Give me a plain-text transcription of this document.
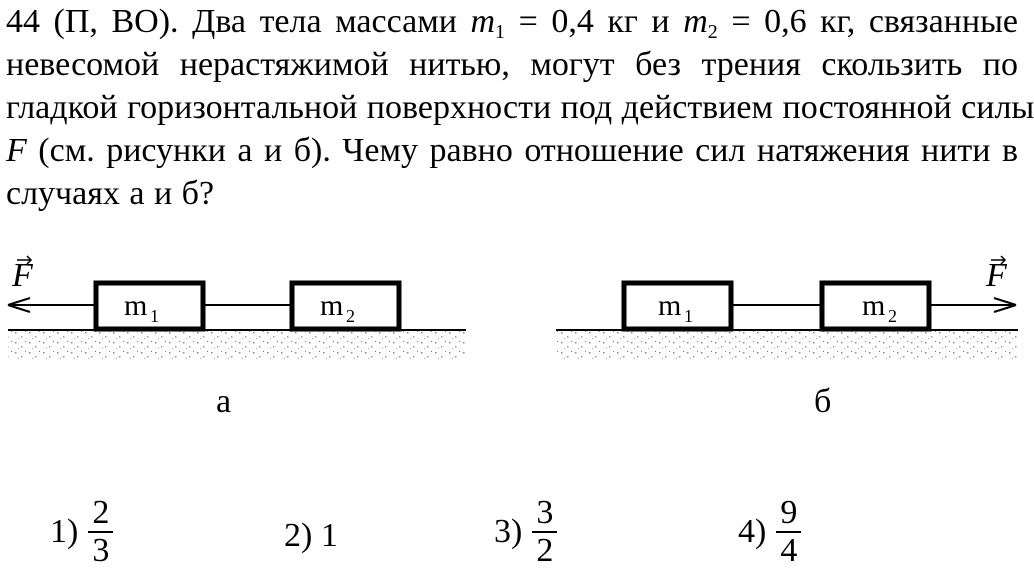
44 (П, ВО). Два тела массами $m_1 = 0,4$ кг и $m_2 = 0,6$ кг, связанные
невесомой нерастяжимой нитью, могут без трения скользить по
гладкой горизонтальной поверхности под действием постоянной силы
F (см. рисунки а и б). Чему равно отношение сил натяжения нити в
случаях а и б?
F
m 1	m 2
а
m 1	m 2
F
б
$1) \frac{2}{3}$	2) 1	$3) \frac{3}{2}$	$4) \frac{9}{4}$
